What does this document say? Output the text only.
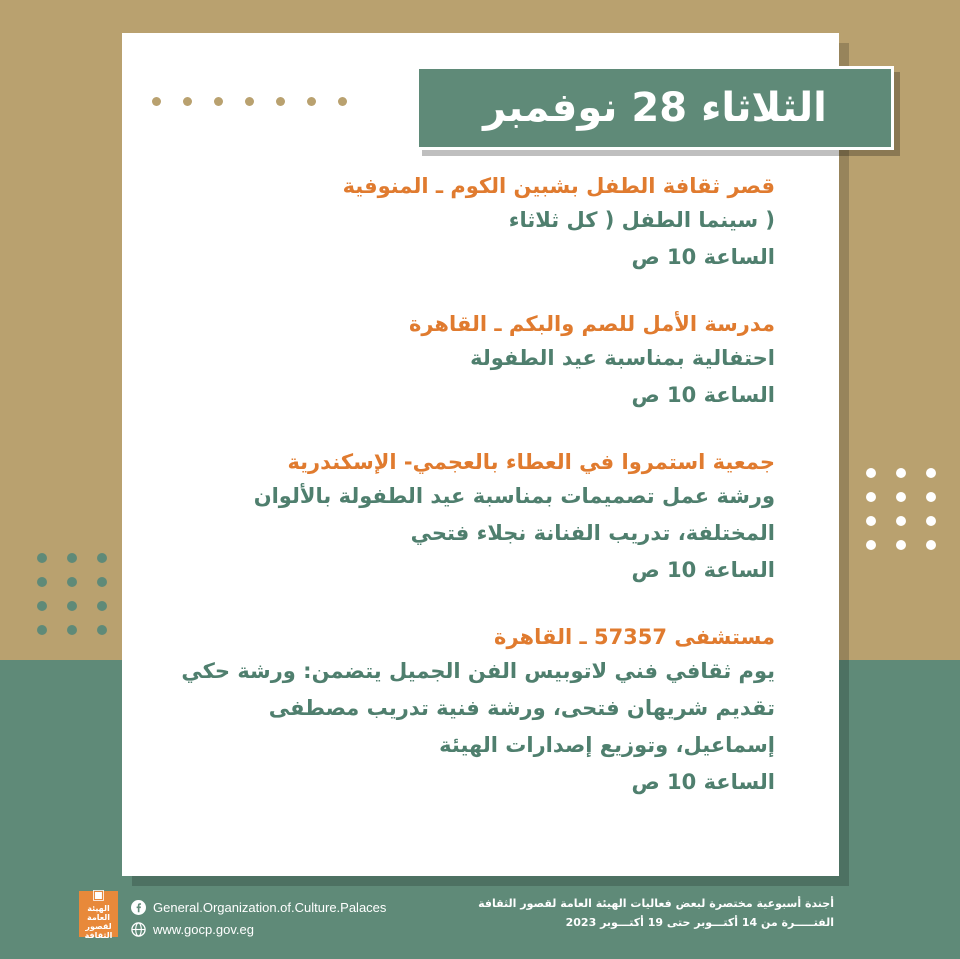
الثلاثاء 28 نوفمبر
قصر ثقافة الطفل بشبين الكوم ـ المنوفية
( سينما الطفل ( كل ثلاثاء
الساعة 10 ص
مدرسة الأمل للصم والبكم ـ القاهرة
احتفالية بمناسبة عيد الطفولة
الساعة 10 ص
جمعية استمروا في العطاء بالعجمي- الإسكندرية
ورشة عمل تصميمات بمناسبة عيد الطفولة بالألوان
المختلفة، تدريب الفنانة نجلاء فتحي
الساعة 10 ص
مستشفى 57357 ـ القاهرة
يوم ثقافي فني لاتوبيس الفن الجميل يتضمن: ورشة حكي
تقديم شريهان فتحى، ورشة فنية تدريب مصطفى
إسماعيل، وتوزيع إصدارات الهيئة
الساعة 10 ص
▣
الهيئة
العامة
لقصور
الثقافة
General.Organization.of.Culture.Palaces
www.gocp.gov.eg
أجندة أسبوعية مختصرة لبعض فعاليات الهيئة العامة لقصور الثقافة
الفتـــــرة من 14 أكتـــوبر حتى 19 أكتـــوبر 2023
